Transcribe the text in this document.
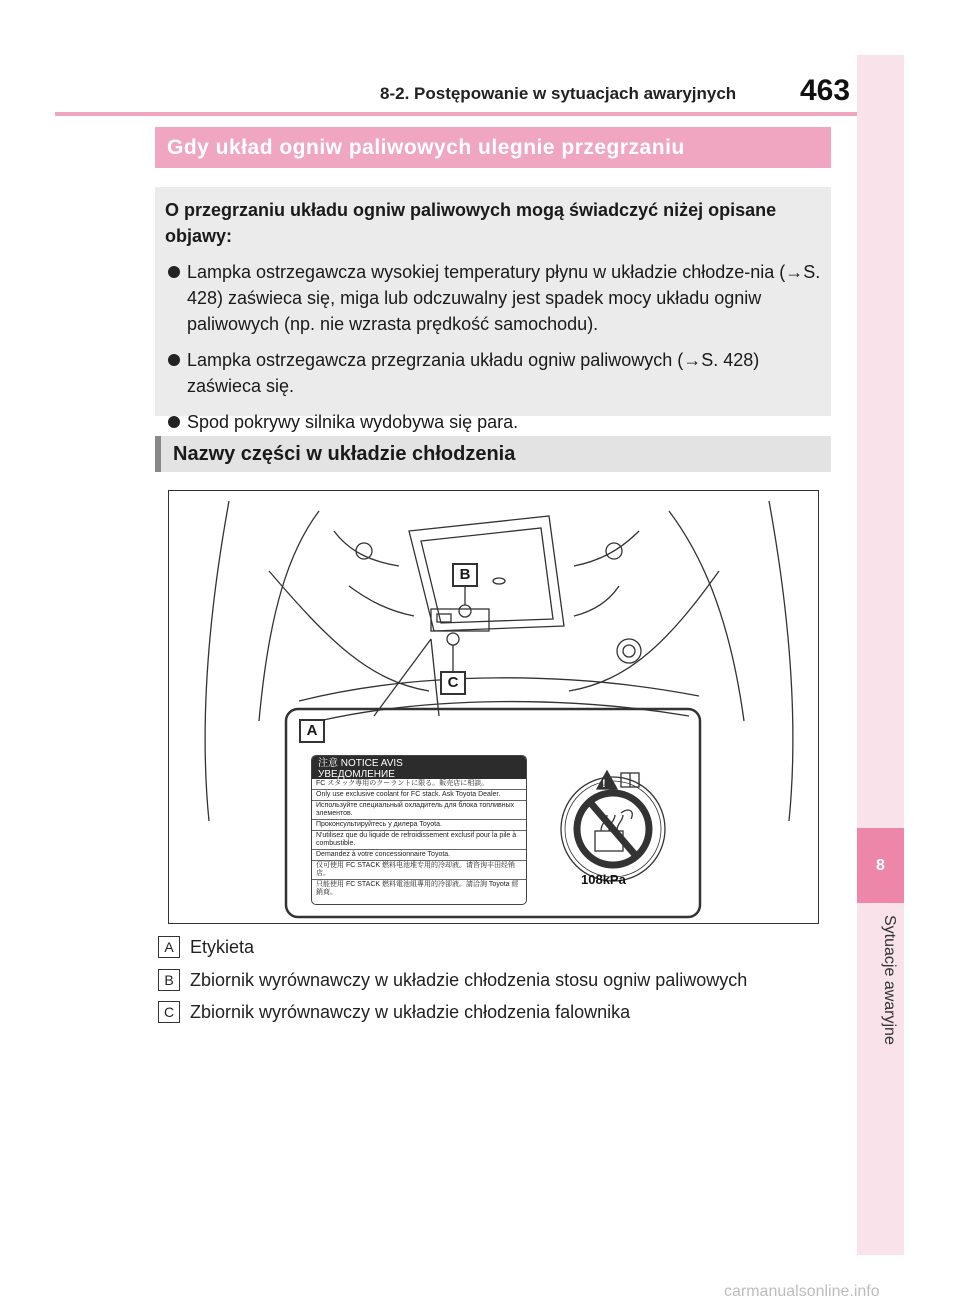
8-2. Postępowanie w sytuacjach awaryjnych 463
8
Sytuacje awaryjne
Gdy układ ogniw paliwowych ulegnie przegrzaniu
O przegrzaniu układu ogniw paliwowych mogą świadczyć niżej opisane objawy:
Lampka ostrzegawcza wysokiej temperatury płynu w układzie chłodze-nia (→S. 428) zaświeca się, miga lub odczuwalny jest spadek mocy układu ogniw paliwowych (np. nie wzrasta prędkość samochodu).
Lampka ostrzegawcza przegrzania układu ogniw paliwowych (→S. 428) zaświeca się.
Spod pokrywy silnika wydobywa się para.
Nazwy części w układzie chłodzenia
!
108kPa
B
C
A
注意 NOTICE AVIS
УВЕДОМЛЕНИЕ
FC スタック専用のクーラントに限る。販売店に相談。
Only use exclusive coolant for FC stack. Ask Toyota Dealer.
Используйте специальный охладитель для блока топливных элементов.
Проконсультируйтесь у дилера Toyota.
N'utilisez que du liquide de refroidissement exclusif pour la pile à combustible.
Demandez à votre concessionnaire Toyota.
仅可使用 FC STACK 燃料电池堆专用的冷却液。请咨询丰田经销店。
只能使用 FC STACK 燃料電池組專用的冷卻液。請洽詢 Toyota 經銷商。
A Etykieta
B Zbiornik wyrównawczy w układzie chłodzenia stosu ogniw paliwowych
C Zbiornik wyrównawczy w układzie chłodzenia falownika
carmanualsonline.info
